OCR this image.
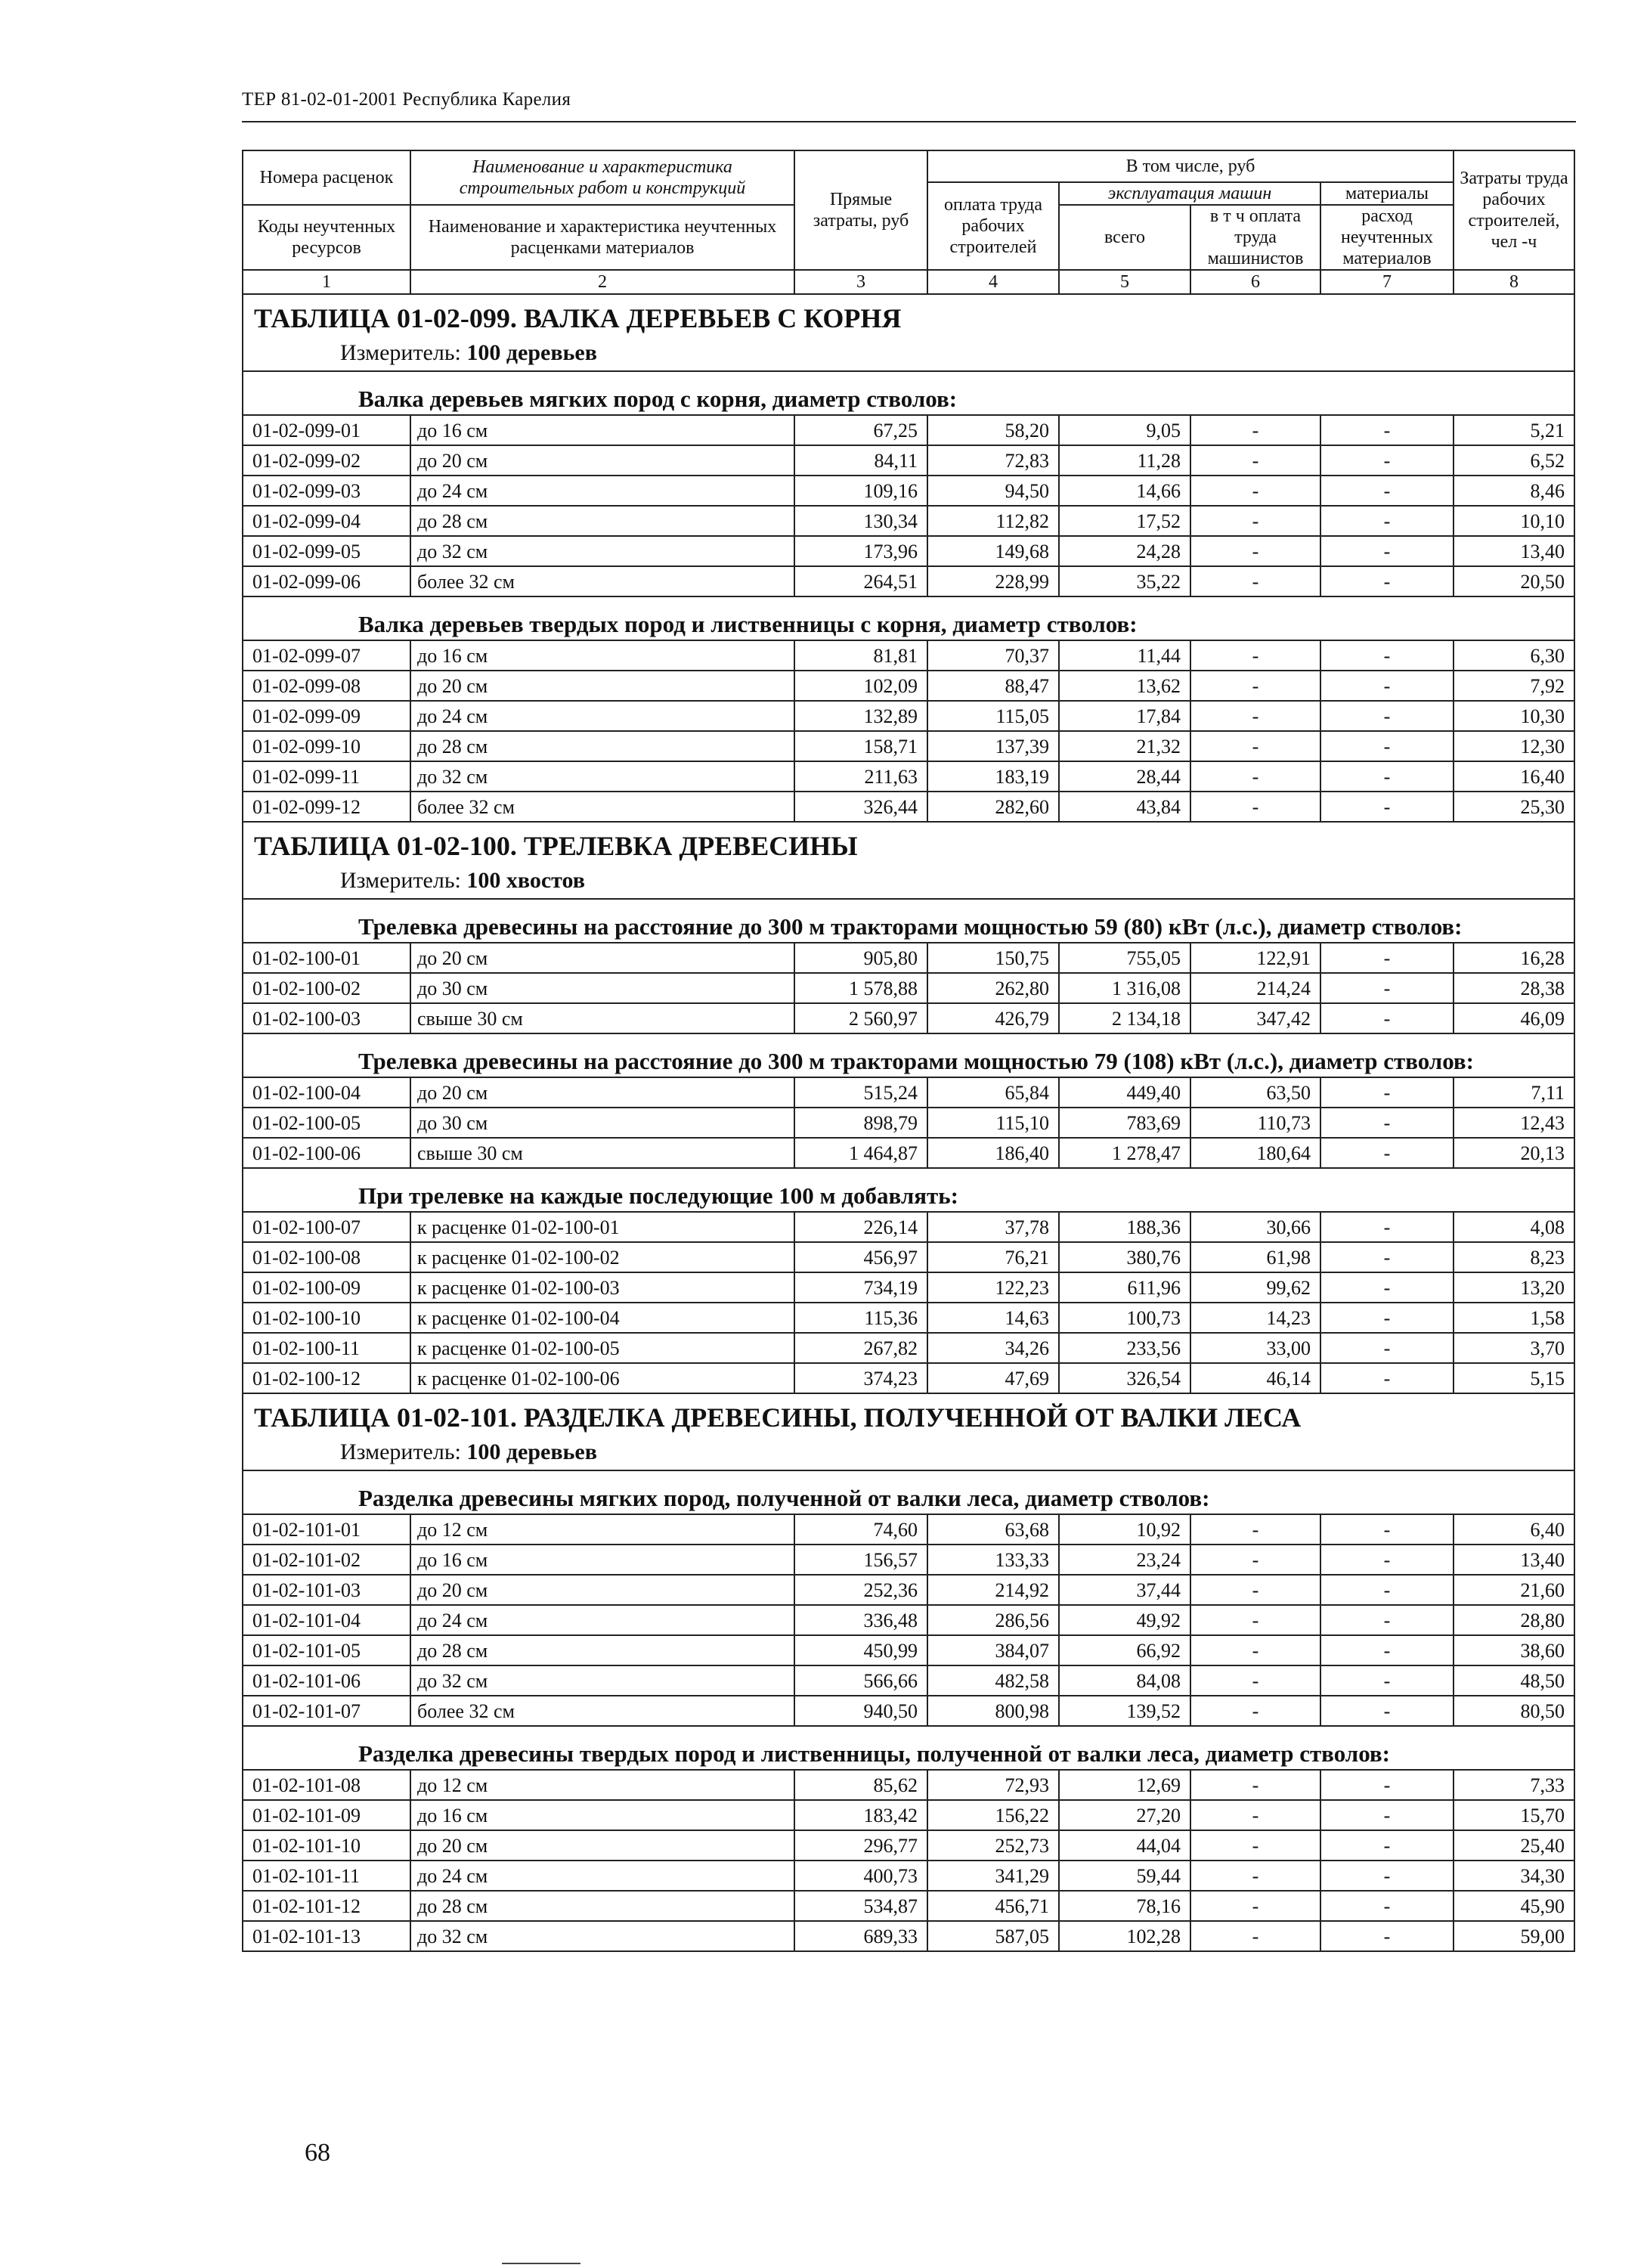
ТЕР 81-02-01-2001 Республика Карелия
Номера расценок	Наименование и характеристика строительных работ и конструкций	Прямые затраты, руб	В том числе, руб				Затраты труда рабочих строителей, чел -ч
			оплата труда рабочих строителей	эксплуатация машин		материалы	
Коды неучтенных ресурсов	Наименование и характеристика неучтенных расценками материалов			всего	в т ч оплата труда машинистов	расход неучтенных материалов	

1	2	3	4	5	6	7	8
ТАБЛИЦА 01-02-099. ВАЛКА ДЕРЕВЬЕВ С КОРНЯ							
Измеритель: 100 деревьев							
Валка деревьев мягких пород с корня, диаметр стволов:							
01-02-099-01	до 16 см	67,25	58,20	9,05	-	-	5,21
01-02-099-02	до 20 см	84,11	72,83	11,28	-	-	6,52
01-02-099-03	до 24 см	109,16	94,50	14,66	-	-	8,46
01-02-099-04	до 28 см	130,34	112,82	17,52	-	-	10,10
01-02-099-05	до 32 см	173,96	149,68	24,28	-	-	13,40
01-02-099-06	более 32 см	264,51	228,99	35,22	-	-	20,50
Валка деревьев твердых пород и лиственницы с корня, диаметр стволов:							
01-02-099-07	до 16 см	81,81	70,37	11,44	-	-	6,30
01-02-099-08	до 20 см	102,09	88,47	13,62	-	-	7,92
01-02-099-09	до 24 см	132,89	115,05	17,84	-	-	10,30
01-02-099-10	до 28 см	158,71	137,39	21,32	-	-	12,30
01-02-099-11	до 32 см	211,63	183,19	28,44	-	-	16,40
01-02-099-12	более 32 см	326,44	282,60	43,84	-	-	25,30
ТАБЛИЦА 01-02-100. ТРЕЛЕВКА ДРЕВЕСИНЫ							
Измеритель: 100 хвостов							
Трелевка древесины на расстояние до 300 м тракторами мощностью 59 (80) кВт (л.с.), диаметр стволов:							
01-02-100-01	до 20 см	905,80	150,75	755,05	122,91	-	16,28
01-02-100-02	до 30 см	1 578,88	262,80	1 316,08	214,24	-	28,38
01-02-100-03	свыше 30 см	2 560,97	426,79	2 134,18	347,42	-	46,09
Трелевка древесины на расстояние до 300 м тракторами мощностью 79 (108) кВт (л.с.), диаметр стволов:							
01-02-100-04	до 20 см	515,24	65,84	449,40	63,50	-	7,11
01-02-100-05	до 30 см	898,79	115,10	783,69	110,73	-	12,43
01-02-100-06	свыше 30 см	1 464,87	186,40	1 278,47	180,64	-	20,13
При трелевке на каждые последующие 100 м добавлять:							
01-02-100-07	к расценке 01-02-100-01	226,14	37,78	188,36	30,66	-	4,08
01-02-100-08	к расценке 01-02-100-02	456,97	76,21	380,76	61,98	-	8,23
01-02-100-09	к расценке 01-02-100-03	734,19	122,23	611,96	99,62	-	13,20
01-02-100-10	к расценке 01-02-100-04	115,36	14,63	100,73	14,23	-	1,58
01-02-100-11	к расценке 01-02-100-05	267,82	34,26	233,56	33,00	-	3,70
01-02-100-12	к расценке 01-02-100-06	374,23	47,69	326,54	46,14	-	5,15
ТАБЛИЦА 01-02-101. РАЗДЕЛКА ДРЕВЕСИНЫ, ПОЛУЧЕННОЙ ОТ ВАЛКИ ЛЕСА							
Измеритель: 100 деревьев							
Разделка древесины мягких пород, полученной от валки леса, диаметр стволов:							
01-02-101-01	до 12 см	74,60	63,68	10,92	-	-	6,40
01-02-101-02	до 16 см	156,57	133,33	23,24	-	-	13,40
01-02-101-03	до 20 см	252,36	214,92	37,44	-	-	21,60
01-02-101-04	до 24 см	336,48	286,56	49,92	-	-	28,80
01-02-101-05	до 28 см	450,99	384,07	66,92	-	-	38,60
01-02-101-06	до 32 см	566,66	482,58	84,08	-	-	48,50
01-02-101-07	более 32 см	940,50	800,98	139,52	-	-	80,50
Разделка древесины твердых пород и лиственницы, полученной от валки леса, диаметр стволов:							
01-02-101-08	до 12 см	85,62	72,93	12,69	-	-	7,33
01-02-101-09	до 16 см	183,42	156,22	27,20	-	-	15,70
01-02-101-10	до 20 см	296,77	252,73	44,04	-	-	25,40
01-02-101-11	до 24 см	400,73	341,29	59,44	-	-	34,30
01-02-101-12	до 28 см	534,87	456,71	78,16	-	-	45,90
01-02-101-13	до 32 см	689,33	587,05	102,28	-	-	59,00
68
